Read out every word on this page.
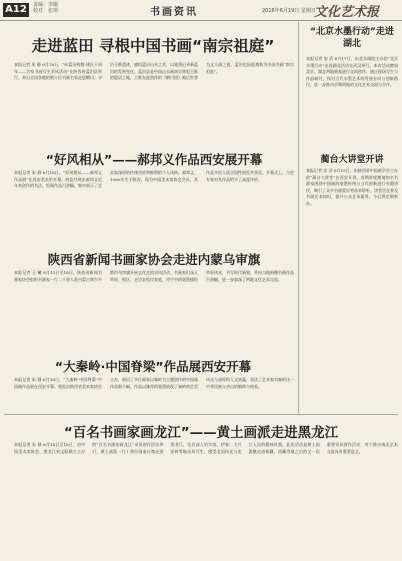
A12	责编：李璐
校对：张琪	书画资讯	2016年6月19日 星期日
文化艺术报
走进蓝田 寻根中国书画“南宗祖庭”
本报记者 朱 静 6月18日，“向蓝田致敬·建区十周年——名家书画写生采风活动”在陕西省蓝田县举行。来自全国各地的数十位书画名家走进辋川，寻访王维遗迹，感悟蓝田山水之美，以笔墨记录新蓝田的发展变化。蓝田县是中国山水画南宗鼻祖王维的隐居之地，王维在此创作的《辋川图》被后世誉为文人画之祖，蓝田也因此被称为中国书画“南宗祖庭”。
“好风相从”——郝邦义作品西安展开幕
本报记者 朱 静 6月18日，“好风相从——郝邦义作品展”在西安美术馆开幕。展览共展出郝邦义近年来创作的书法、绘画作品百余幅，集中展示了艺术家深厚的传统功底和鲜明的个人风格。郝邦义，1960年生于陕西，现为中国美术家协会会员，其作品多次入选全国性展览并获奖。开幕式上，与会专家对其作品给予了高度评价。
陕西省新闻书画家协会走进内蒙乌审旗
本报记者 王 曦 6月13日至16日，陕西省新闻书画家协会组织书画家一行二十余人赴内蒙古鄂尔多斯市乌审旗开展文化交流采风活动。书画家们深入草原、牧区，走访农牧民家庭，用手中的笔墨描绘草原风光，书写时代新貌，并向当地捐赠书画作品百余幅，进一步加深了两地文化艺术交流。
“大秦岭·中国脊梁”作品展西安开幕
本报记者 朱 静 6月16日，“大秦岭·中国脊梁”中国画作品展在西安开幕。展览由陕西省美术家协会主办，展出了多位画家以秦岭为主题创作的中国画作品数十幅。作品以雄浑的笔墨展现了秦岭的壮美风光与深厚的人文底蕴，表达了艺术家对秦岭这一中华民族父亲山的敬仰与热爱。
“北京水墨行动”走进湖北
本报记者 安 武 6月17日，由北京画院主办的“北京水墨行动”走进湖北活动在武汉举行。本次活动邀请北京、湖北两地画家进行交流创作，通过现场写生与作品研讨，探讨当代水墨艺术的发展方向与创新路径，进一步推动京鄂两地的文化艺术交流与合作。
蔺台大讲堂开讲
本报记者 安 武 6月15日，由陕西省中国画学会主办的“蔺台大讲堂”在西安开讲。首期讲座邀请知名书画家围绕中国画的笔墨传统与当代创新进行专题讲授，吸引了众多书画爱好者前来聆听。讲堂旨在普及书画艺术知识，提升公众艺术素养，今后将定期举办。
“百名书画家画龙江”——黄土画派走进黑龙江
本报记者 朱 静 6月14日至18日，由中国美术家协会、黑龙江省文联联合主办的“百名书画家画龙江”采风创作活动举行，黄土画派一行十余位画家应邀走进黑龙江，先后深入哈尔滨、伊春、大兴安岭等地采风写生，感受北国风光与龙江人民的精神风貌。此次活动是黄土画派继走进新疆、西藏等地之后的又一次重要采风创作活动，对于推动南北艺术交流具有重要意义。
